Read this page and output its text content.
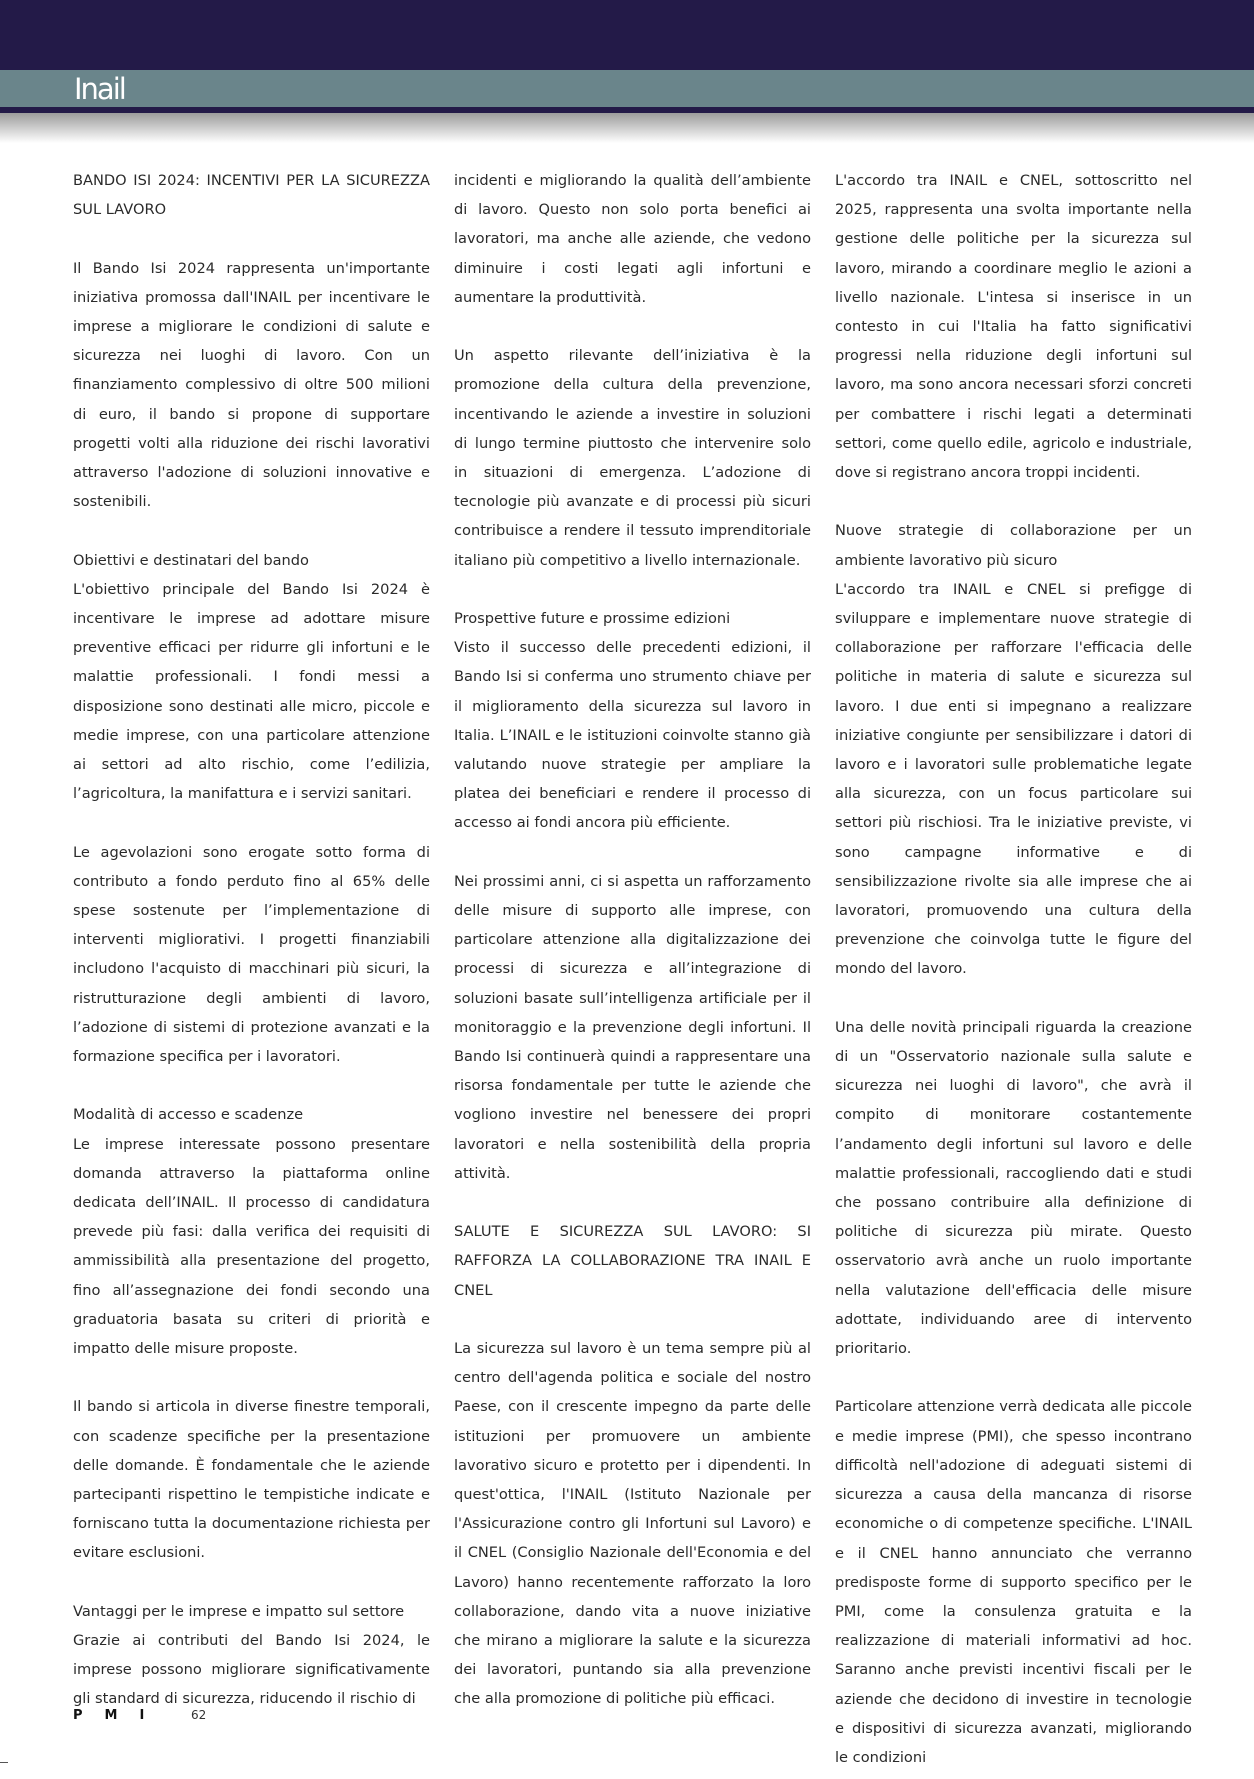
Inail

BANDO ISI 2024: INCENTIVI PER LA SICUREZZA SUL LAVORO

Il Bando Isi 2024 rappresenta un'importante iniziativa promossa dall'INAIL per incentivare le imprese a migliorare le condizioni di salute e sicurezza nei luoghi di lavoro. Con un finanziamento complessivo di oltre 500 milioni di euro, il bando si propone di supportare progetti volti alla riduzione dei rischi lavorativi attraverso l'adozione di soluzioni innovative e sostenibili.

Obiettivi e destinatari del bando

L'obiettivo principale del Bando Isi 2024 è incentivare le imprese ad adottare misure preventive efficaci per ridurre gli infortuni e le malattie professionali. I fondi messi a disposizione sono destinati alle micro, piccole e medie imprese, con una particolare attenzione ai settori ad alto rischio, come l’edilizia, l’agricoltura, la manifattura e i servizi sanitari.

Le agevolazioni sono erogate sotto forma di contributo a fondo perduto fino al 65% delle spese sostenute per l’implementazione di interventi migliorativi. I progetti finanziabili includono l'acquisto di macchinari più sicuri, la ristrutturazione degli ambienti di lavoro, l’adozione di sistemi di protezione avanzati e la formazione specifica per i lavoratori.

Modalità di accesso e scadenze

Le imprese interessate possono presentare domanda attraverso la piattaforma online dedicata dell’INAIL. Il processo di candidatura prevede più fasi: dalla verifica dei requisiti di ammissibilità alla presentazione del progetto, fino all’assegnazione dei fondi secondo una graduatoria basata su criteri di priorità e impatto delle misure proposte.

Il bando si articola in diverse finestre temporali, con scadenze specifiche per la presentazione delle domande. È fondamentale che le aziende partecipanti rispettino le tempistiche indicate e forniscano tutta la documentazione richiesta per evitare esclusioni.

Vantaggi per le imprese e impatto sul settore

Grazie ai contributi del Bando Isi 2024, le imprese possono migliorare significativamente gli standard di sicurezza, riducendo il rischio di

incidenti e migliorando la qualità dell’ambiente di lavoro. Questo non solo porta benefici ai lavoratori, ma anche alle aziende, che vedono diminuire i costi legati agli infortuni e aumentare la produttività.

Un aspetto rilevante dell’iniziativa è la promozione della cultura della prevenzione, incentivando le aziende a investire in soluzioni di lungo termine piuttosto che intervenire solo in situazioni di emergenza. L’adozione di tecnologie più avanzate e di processi più sicuri contribuisce a rendere il tessuto imprenditoriale italiano più competitivo a livello internazionale.

Prospettive future e prossime edizioni

Visto il successo delle precedenti edizioni, il Bando Isi si conferma uno strumento chiave per il miglioramento della sicurezza sul lavoro in Italia. L’INAIL e le istituzioni coinvolte stanno già valutando nuove strategie per ampliare la platea dei beneficiari e rendere il processo di accesso ai fondi ancora più efficiente.

Nei prossimi anni, ci si aspetta un rafforzamento delle misure di supporto alle imprese, con particolare attenzione alla digitalizzazione dei processi di sicurezza e all’integrazione di soluzioni basate sull’intelligenza artificiale per il monitoraggio e la prevenzione degli infortuni. Il Bando Isi continuerà quindi a rappresentare una risorsa fondamentale per tutte le aziende che vogliono investire nel benessere dei propri lavoratori e nella sostenibilità della propria attività.

SALUTE E SICUREZZA SUL LAVORO: SI RAFFORZA LA COLLABORAZIONE TRA INAIL E CNEL

La sicurezza sul lavoro è un tema sempre più al centro dell'agenda politica e sociale del nostro Paese, con il crescente impegno da parte delle istituzioni per promuovere un ambiente lavorativo sicuro e protetto per i dipendenti. In quest'ottica, l'INAIL (Istituto Nazionale per l'Assicurazione contro gli Infortuni sul Lavoro) e il CNEL (Consiglio Nazionale dell'Economia e del Lavoro) hanno recentemente rafforzato la loro collaborazione, dando vita a nuove iniziative che mirano a migliorare la salute e la sicurezza dei lavoratori, puntando sia alla prevenzione che alla promozione di politiche più efficaci.

L'accordo tra INAIL e CNEL, sottoscritto nel 2025, rappresenta una svolta importante nella gestione delle politiche per la sicurezza sul lavoro, mirando a coordinare meglio le azioni a livello nazionale. L'intesa si inserisce in un contesto in cui l'Italia ha fatto significativi progressi nella riduzione degli infortuni sul lavoro, ma sono ancora necessari sforzi concreti per combattere i rischi legati a determinati settori, come quello edile, agricolo e industriale, dove si registrano ancora troppi incidenti.

Nuove strategie di collaborazione per un ambiente lavorativo più sicuro

L'accordo tra INAIL e CNEL si prefigge di sviluppare e implementare nuove strategie di collaborazione per rafforzare l'efficacia delle politiche in materia di salute e sicurezza sul lavoro. I due enti si impegnano a realizzare iniziative congiunte per sensibilizzare i datori di lavoro e i lavoratori sulle problematiche legate alla sicurezza, con un focus particolare sui settori più rischiosi. Tra le iniziative previste, vi sono campagne informative e di sensibilizzazione rivolte sia alle imprese che ai lavoratori, promuovendo una cultura della prevenzione che coinvolga tutte le figure del mondo del lavoro.

Una delle novità principali riguarda la creazione di un "Osservatorio nazionale sulla salute e sicurezza nei luoghi di lavoro", che avrà il compito di monitorare costantemente l’andamento degli infortuni sul lavoro e delle malattie professionali, raccogliendo dati e studi che possano contribuire alla definizione di politiche di sicurezza più mirate. Questo osservatorio avrà anche un ruolo importante nella valutazione dell'efficacia delle misure adottate, individuando aree di intervento prioritario.

Particolare attenzione verrà dedicata alle piccole e medie imprese (PMI), che spesso incontrano difficoltà nell'adozione di adeguati sistemi di sicurezza a causa della mancanza di risorse economiche o di competenze specifiche. L'INAIL e il CNEL hanno annunciato che verranno predisposte forme di supporto specifico per le PMI, come la consulenza gratuita e la realizzazione di materiali informativi ad hoc. Saranno anche previsti incentivi fiscali per le aziende che decidono di investire in tecnologie e dispositivi di sicurezza avanzati, migliorando le condizioni

PMI 62
